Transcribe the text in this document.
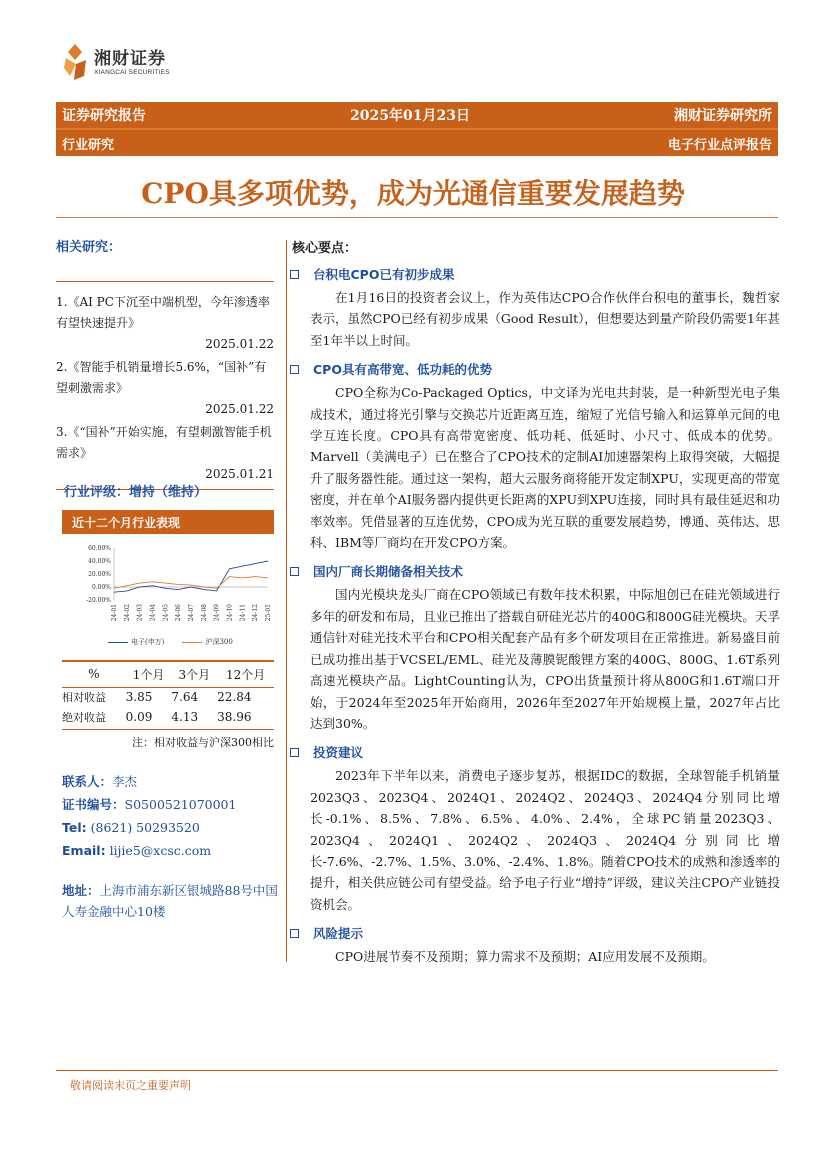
湘财证券
XIANGCAI SECURITIES
证券研究报告	2025年01月23日	湘财证券研究所
行业研究	电子行业点评报告
CPO具多项优势，成为光通信重要发展趋势
相关研究：
1.《AI PC下沉至中端机型，今年渗透率有望快速提升》
2025.01.22
2.《智能手机销量增长5.6%，“国补”有望刺激需求》
2025.01.22
3.《“国补”开始实施，有望刺激智能手机需求》
2025.01.21
行业评级：增持（维持）
近十二个月行业表现
60.00%
40.00%
20.00%
0.00%
-20.00%
24-01 24-02 24-03 24-04 24-05 24-06 24-07 24-08 24-09 24-10 24-11 24-12 25-01
电子(申万)	沪深300
%	1个月	3个月	12个月
相对收益	3.85	7.64	22.84
绝对收益	0.09	4.13	38.96
注：相对收益与沪深300相比
联系人：李杰
证书编号：S0500521070001
Tel: (8621) 50293520
Email: lijie5@xcsc.com
地址：上海市浦东新区银城路88号中国人寿金融中心10楼
核心要点：
台积电CPO已有初步成果
在1月16日的投资者会议上，作为英伟达CPO合作伙伴台积电的董事长，魏哲家表示，虽然CPO已经有初步成果（Good Result），但想要达到量产阶段仍需要1年甚至1年半以上时间。
CPO具有高带宽、低功耗的优势
CPO全称为Co-Packaged Optics，中文译为光电共封装，是一种新型光电子集成技术，通过将光引擎与交换芯片近距离互连，缩短了光信号输入和运算单元间的电学互连长度。CPO具有高带宽密度、低功耗、低延时、小尺寸、低成本的优势。Marvell（美满电子）已在整合了CPO技术的定制AI加速器架构上取得突破，大幅提升了服务器性能。通过这一架构，超大云服务商将能开发定制XPU，实现更高的带宽密度，并在单个AI服务器内提供更长距离的XPU到XPU连接，同时具有最佳延迟和功率效率。凭借显著的互连优势，CPO成为光互联的重要发展趋势，博通、英伟达、思科、IBM等厂商均在开发CPO方案。
国内厂商长期储备相关技术
国内光模块龙头厂商在CPO领域已有数年技术积累，中际旭创已在硅光领域进行多年的研发和布局，且业已推出了搭载自研硅光芯片的400G和800G硅光模块。天孚通信针对硅光技术平台和CPO相关配套产品有多个研发项目在正常推进。新易盛目前已成功推出基于VCSEL/EML、硅光及薄膜铌酸锂方案的400G、800G、1.6T系列高速光模块产品。LightCounting认为，CPO出货量预计将从800G和1.6T端口开始，于2024年至2025年开始商用，2026年至2027年开始规模上量，2027年占比达到30%。
投资建议
2023年下半年以来，消费电子逐步复苏，根据IDC的数据，全球智能手机销量2023Q3、2023Q4、2024Q1、2024Q2、2024Q3、2024Q4分别同比增长-0.1%、8.5%、7.8%、6.5%、4.0%、2.4%，全球PC销量2023Q3、2023Q4、2024Q1、2024Q2、2024Q3、2024Q4分别同比增长-7.6%、-2.7%、1.5%、3.0%、-2.4%、1.8%。随着CPO技术的成熟和渗透率的提升，相关供应链公司有望受益。给予电子行业“增持”评级，建议关注CPO产业链投资机会。
风险提示
CPO进展节奏不及预期；算力需求不及预期；AI应用发展不及预期。
敬请阅读末页之重要声明
